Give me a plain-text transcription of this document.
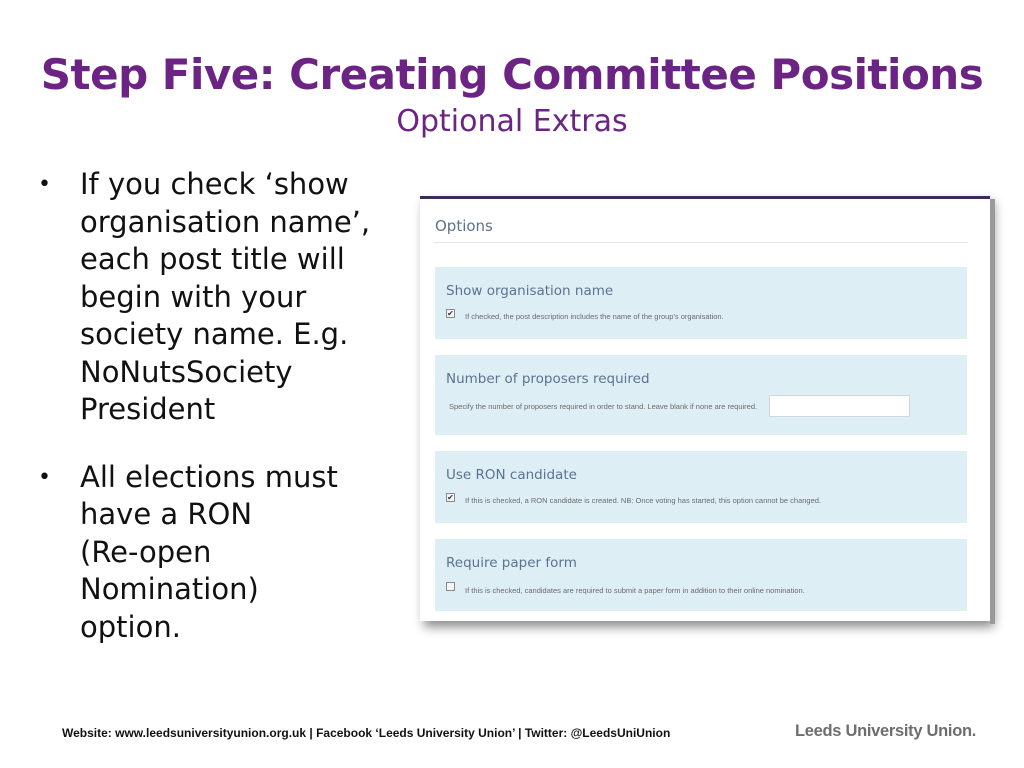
Step Five: Creating Committee Positions
Optional Extras
•	If you check ‘show
organisation name’,
each post title will
begin with your
society name. E.g.
NoNutsSociety
President
•	All elections must
have a RON
(Re-open
Nomination)
option.
Options
Show organisation name
✔ If checked, the post description includes the name of the group's organisation.
Number of proposers required
Specify the number of proposers required in order to stand. Leave blank if none are required.
Use RON candidate
✔ If this is checked, a RON candidate is created. NB: Once voting has started, this option cannot be changed.
Require paper form
If this is checked, candidates are required to submit a paper form in addition to their online nomination.
Website: www.leedsuniversityunion.org.uk | Facebook ‘Leeds University Union’ | Twitter: @LeedsUniUnion	Leeds University Union.
